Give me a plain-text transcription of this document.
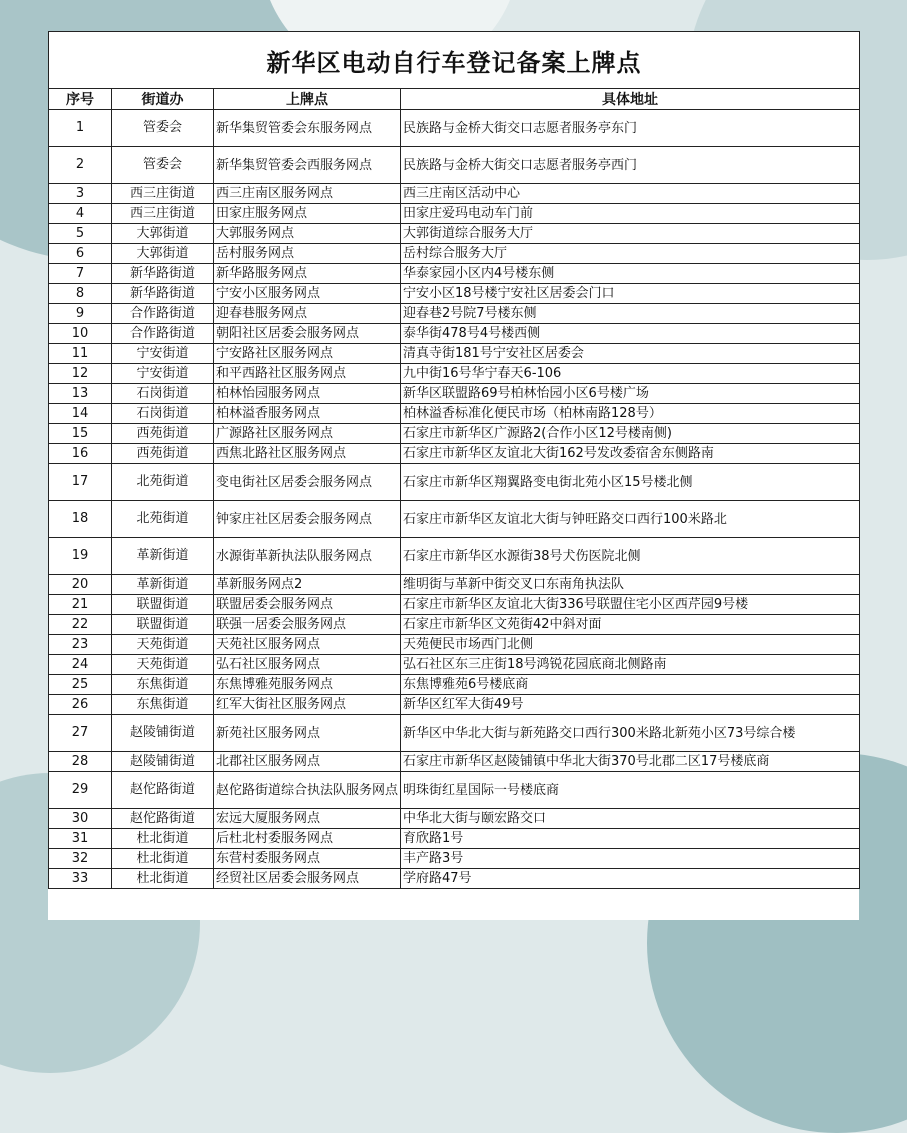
新华区电动自行车登记备案上牌点			
序号	街道办	上牌点	具体地址
1	管委会	新华集贸管委会东服务网点	民族路与金桥大街交口志愿者服务亭东门
2	管委会	新华集贸管委会西服务网点	民族路与金桥大街交口志愿者服务亭西门
3	西三庄街道	西三庄南区服务网点	西三庄南区活动中心
4	西三庄街道	田家庄服务网点	田家庄爱玛电动车门前
5	大郭街道	大郭服务网点	大郭街道综合服务大厅
6	大郭街道	岳村服务网点	岳村综合服务大厅
7	新华路街道	新华路服务网点	华泰家园小区内4号楼东侧
8	新华路街道	宁安小区服务网点	宁安小区18号楼宁安社区居委会门口
9	合作路街道	迎春巷服务网点	迎春巷2号院7号楼东侧
10	合作路街道	朝阳社区居委会服务网点	泰华街478号4号楼西侧
11	宁安街道	宁安路社区服务网点	清真寺街181号宁安社区居委会
12	宁安街道	和平西路社区服务网点	九中街16号华宁春天6-106
13	石岗街道	柏林怡园服务网点	新华区联盟路69号柏林怡园小区6号楼广场
14	石岗街道	柏林溢香服务网点	柏林溢香标准化便民市场（柏林南路128号）
15	西苑街道	广源路社区服务网点	石家庄市新华区广源路2(合作小区12号楼南侧)
16	西苑街道	西焦北路社区服务网点	石家庄市新华区友谊北大街162号发改委宿舍东侧路南
17	北苑街道	变电街社区居委会服务网点	石家庄市新华区翔翼路变电街北苑小区15号楼北侧
18	北苑街道	钟家庄社区居委会服务网点	石家庄市新华区友谊北大街与钟旺路交口西行100米路北
19	革新街道	水源街革新执法队服务网点	石家庄市新华区水源街38号犬伤医院北侧
20	革新街道	革新服务网点2	维明街与革新中街交叉口东南角执法队
21	联盟街道	联盟居委会服务网点	石家庄市新华区友谊北大街336号联盟住宅小区西芹园9号楼
22	联盟街道	联强一居委会服务网点	石家庄市新华区文苑街42中斜对面
23	天苑街道	天苑社区服务网点	天苑便民市场西门北侧
24	天苑街道	弘石社区服务网点	弘石社区东三庄街18号鸿锐花园底商北侧路南
25	东焦街道	东焦博雅苑服务网点	东焦博雅苑6号楼底商
26	东焦街道	红军大街社区服务网点	新华区红军大街49号
27	赵陵铺街道	新苑社区服务网点	新华区中华北大街与新苑路交口西行300米路北新苑小区73号综合楼
28	赵陵铺街道	北郡社区服务网点	石家庄市新华区赵陵铺镇中华北大街370号北郡二区17号楼底商
29	赵佗路街道	赵佗路街道综合执法队服务网点	明珠街红星国际一号楼底商
30	赵佗路街道	宏远大厦服务网点	中华北大街与颐宏路交口
31	杜北街道	后杜北村委服务网点	育欣路1号
32	杜北街道	东营村委服务网点	丰产路3号
33	杜北街道	经贸社区居委会服务网点	学府路47号
